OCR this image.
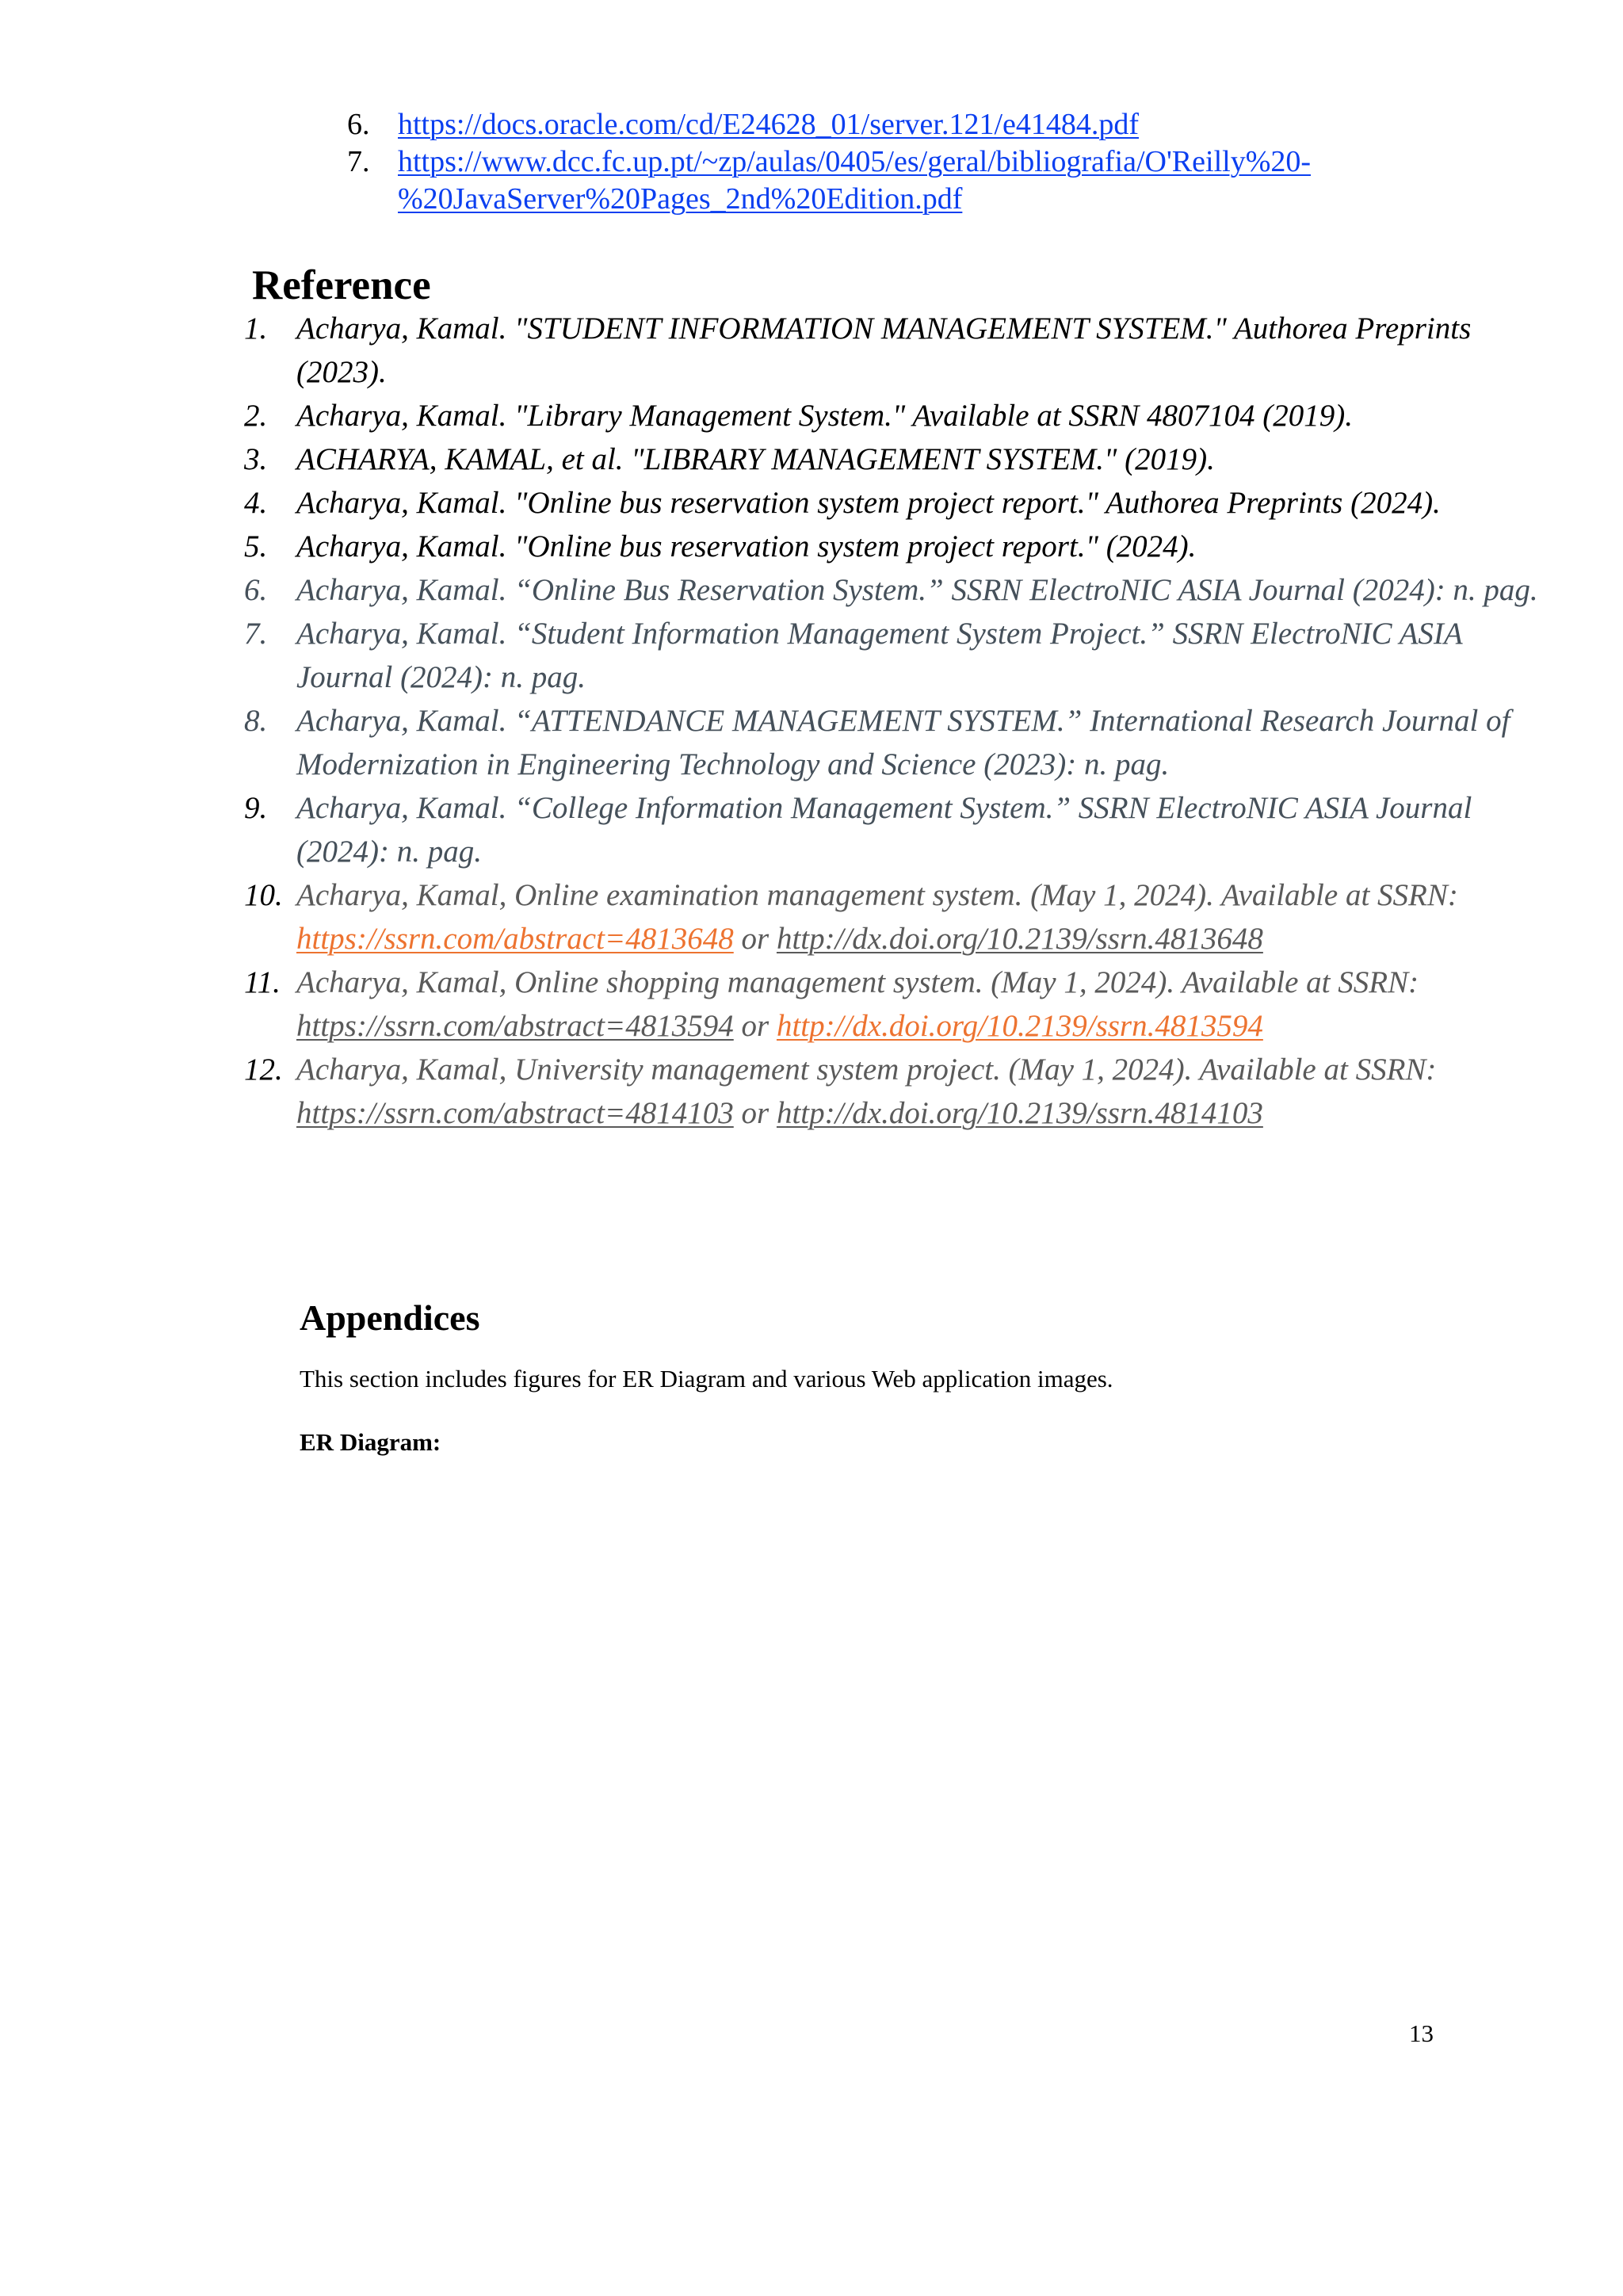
6. https://docs.oracle.com/cd/E24628_01/server.121/e41484.pdf
7. https://www.dcc.fc.up.pt/~zp/aulas/0405/es/geral/bibliografia/O'Reilly%20-
%20JavaServer%20Pages_2nd%20Edition.pdf
Reference
1. Acharya, Kamal. "STUDENT INFORMATION MANAGEMENT SYSTEM." Authorea Preprints (2023).
2. Acharya, Kamal. "Library Management System." Available at SSRN 4807104 (2019).
3. ACHARYA, KAMAL, et al. "LIBRARY MANAGEMENT SYSTEM." (2019).
4. Acharya, Kamal. "Online bus reservation system project report." Authorea Preprints (2024).
5. Acharya, Kamal. "Online bus reservation system project report." (2024).
6. Acharya, Kamal. “Online Bus Reservation System.” SSRN ElectroNIC ASIA Journal (2024): n. pag.
7. Acharya, Kamal. “Student Information Management System Project.” SSRN ElectroNIC ASIA Journal (2024): n. pag.
8. Acharya, Kamal. “ATTENDANCE MANAGEMENT SYSTEM.” International Research Journal of Modernization in Engineering Technology and Science (2023): n. pag.
9. Acharya, Kamal. “College Information Management System.” SSRN ElectroNIC ASIA Journal (2024): n. pag.
10. Acharya, Kamal, Online examination management system. (May 1, 2024). Available at SSRN: https://ssrn.com/abstract=4813648 or http://dx.doi.org/10.2139/ssrn.4813648
11. Acharya, Kamal, Online shopping management system. (May 1, 2024). Available at SSRN: https://ssrn.com/abstract=4813594 or http://dx.doi.org/10.2139/ssrn.4813594
12. Acharya, Kamal, University management system project. (May 1, 2024). Available at SSRN: https://ssrn.com/abstract=4814103 or http://dx.doi.org/10.2139/ssrn.4814103
Appendices
This section includes figures for ER Diagram and various Web application images.
ER Diagram:
13
